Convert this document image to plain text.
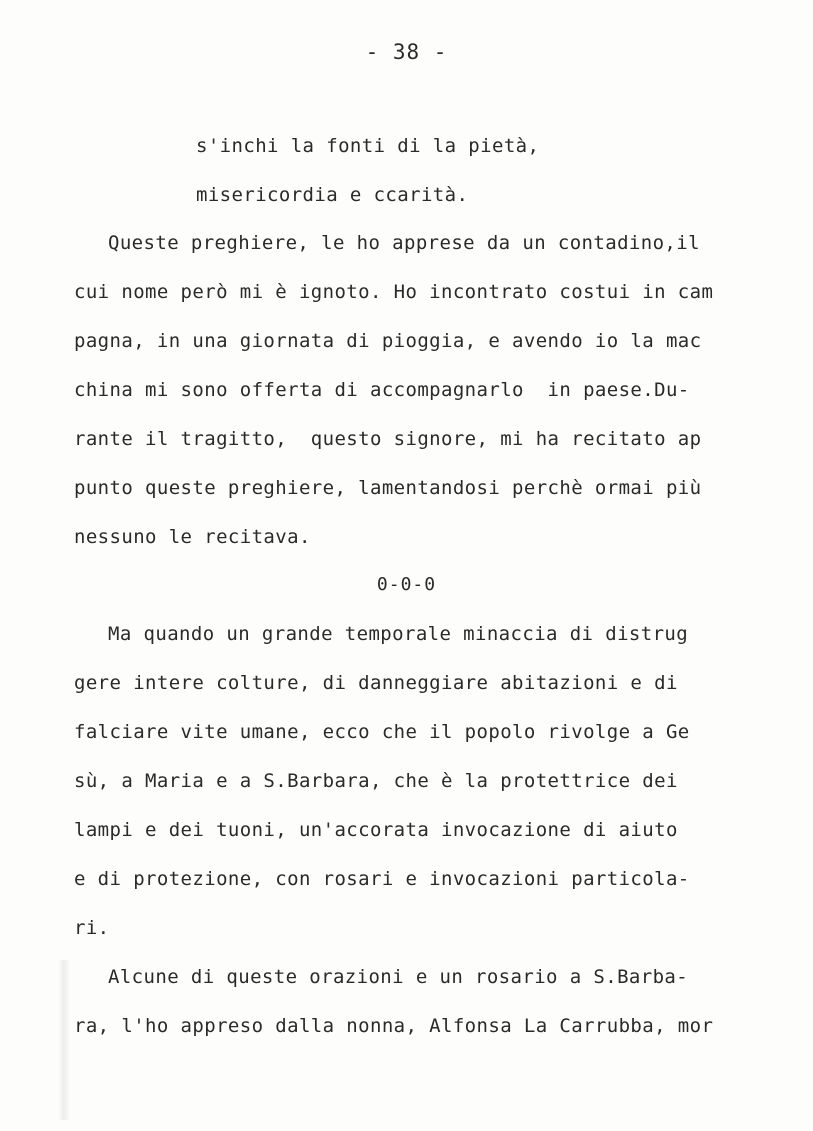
- 38 -
s'inchi la fonti di la pietà,
misericordia e ccarità.
Queste preghiere, le ho apprese da un contadino,il
cui nome però mi è ignoto. Ho incontrato costui in cam
pagna, in una giornata di pioggia, e avendo io la mac
china mi sono offerta di accompagnarlo  in paese.Du-
rante il tragitto,  questo signore, mi ha recitato ap
punto queste preghiere, lamentandosi perchè ormai più
nessuno le recitava.
0-0-0
Ma quando un grande temporale minaccia di distrug
gere intere colture, di danneggiare abitazioni e di
falciare vite umane, ecco che il popolo rivolge a Ge
sù, a Maria e a S.Barbara, che è la protettrice dei
lampi e dei tuoni, un'accorata invocazione di aiuto
e di protezione, con rosari e invocazioni particola-
ri.
Alcune di queste orazioni e un rosario a S.Barba-
ra, l'ho appreso dalla nonna, Alfonsa La Carrubba, mor
